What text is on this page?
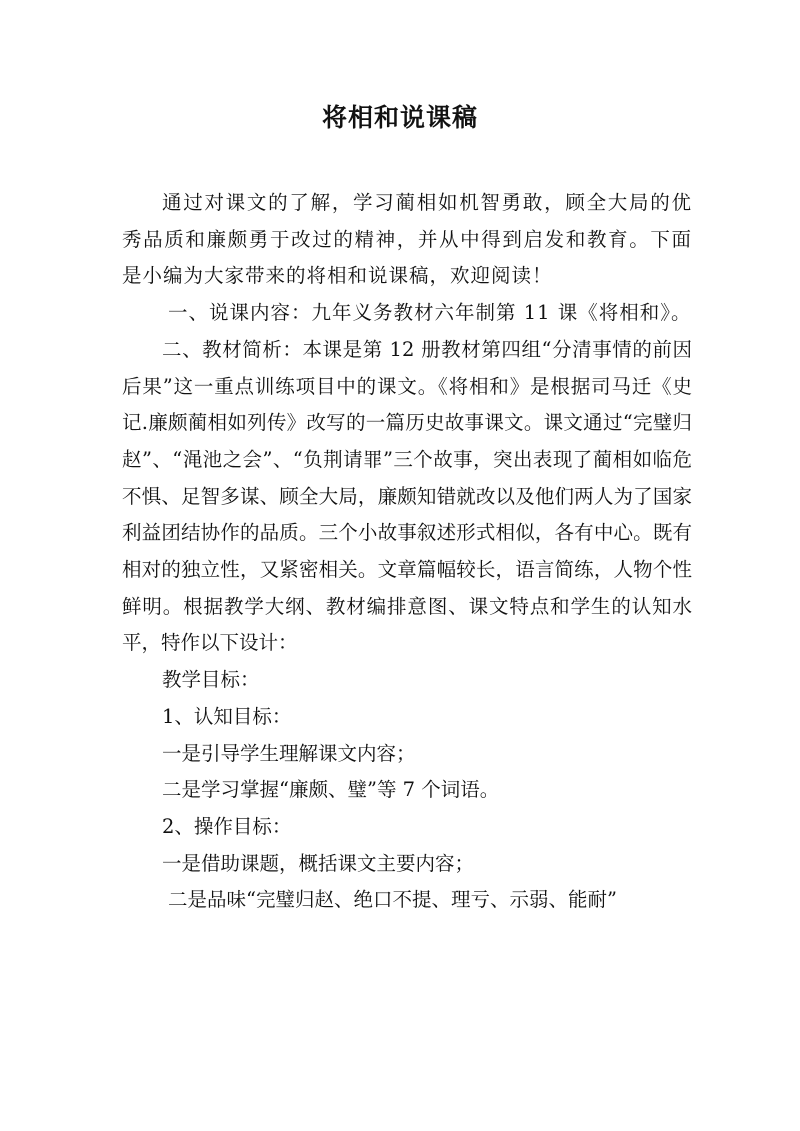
将相和说课稿

通过对课文的了解，学习蔺相如机智勇敢，顾全大局的优秀品质和廉颇勇于改过的精神，并从中得到启发和教育。下面是小编为大家带来的将相和说课稿，欢迎阅读！

一、说课内容：九年义务教材六年制第 11 课《将相和》。

二、教材简析：本课是第 12 册教材第四组“分清事情的前因后果”这一重点训练项目中的课文。《将相和》是根据司马迁《史记.廉颇蔺相如列传》改写的一篇历史故事课文。课文通过“完璧归赵”、“渑池之会”、“负荆请罪”三个故事，突出表现了蔺相如临危不惧、足智多谋、顾全大局，廉颇知错就改以及他们两人为了国家利益团结协作的品质。三个小故事叙述形式相似，各有中心。既有相对的独立性，又紧密相关。文章篇幅较长，语言简练，人物个性鲜明。根据教学大纲、教材编排意图、课文特点和学生的认知水平，特作以下设计：

教学目标：

1、认知目标：

一是引导学生理解课文内容；

二是学习掌握“廉颇、璧”等 7 个词语。

2、操作目标：

一是借助课题，概括课文主要内容；

二是品味“完璧归赵、绝口不提、理亏、示弱、能耐”
